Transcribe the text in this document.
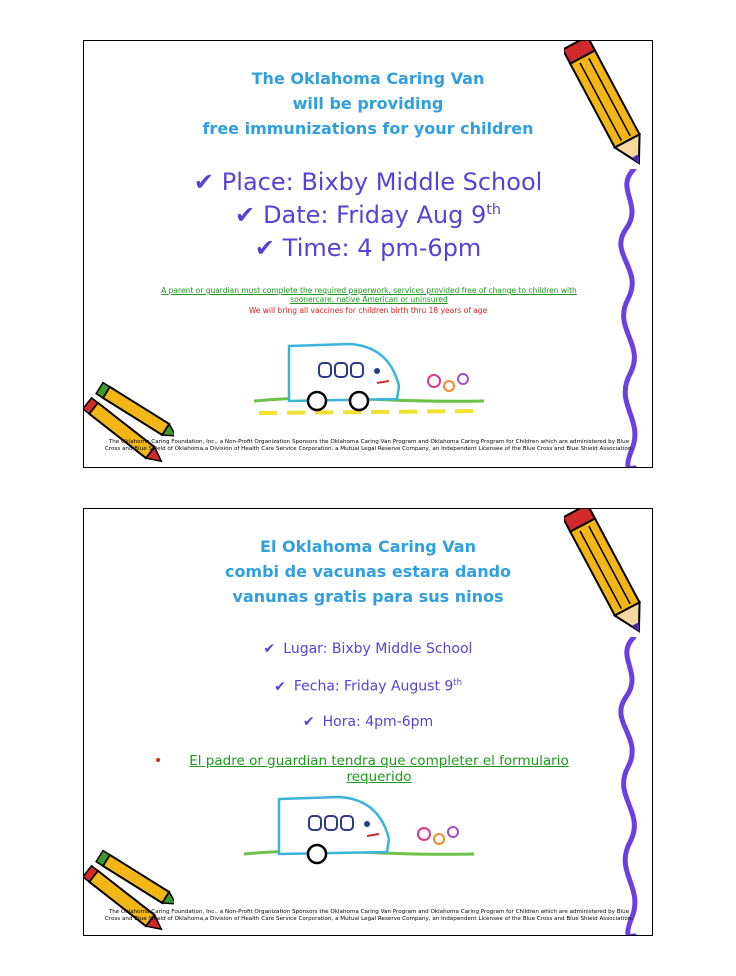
The Oklahoma Caring Van

will be providing

free immunizations for your children

✔ Place: Bixby Middle School

✔ Date: Friday Aug 9th

✔ Time: 4 pm-6pm

A parent or guardian must complete the required paperwork, services provided free of change to children with soonercare, native American or uninsured

We will bring all vaccines for children birth thru 18 years of age

The Oklahoma Caring Foundation, Inc., a Non-Profit Organization Sponsors the Oklahoma Caring Van Program and Oklahoma Caring Program for Children which are administered by Blue Cross and Blue Shield of Oklahoma,a Division of Health Care Service Corporation, a Mutual Legal Reserve Company, an Independent Licensee of the Blue Cross and Blue Shield Association.

El Oklahoma Caring Van

combi de vacunas estara dando

vanunas gratis para sus ninos

✔ Lugar: Bixby Middle School

✔ Fecha: Friday August 9th

✔ Hora: 4pm-6pm

•	El padre or guardian tendra que completer el formulario requerido

The Oklahoma Caring Foundation, Inc., a Non-Profit Organization Sponsors the Oklahoma Caring Van Program and Oklahoma Caring Program for Children which are administered by Blue Cross and Blue Shield of Oklahoma,a Division of Health Care Service Corporation, a Mutual Legal Reserve Company, an Independent Licensee of the Blue Cross and Blue Shield Association.
